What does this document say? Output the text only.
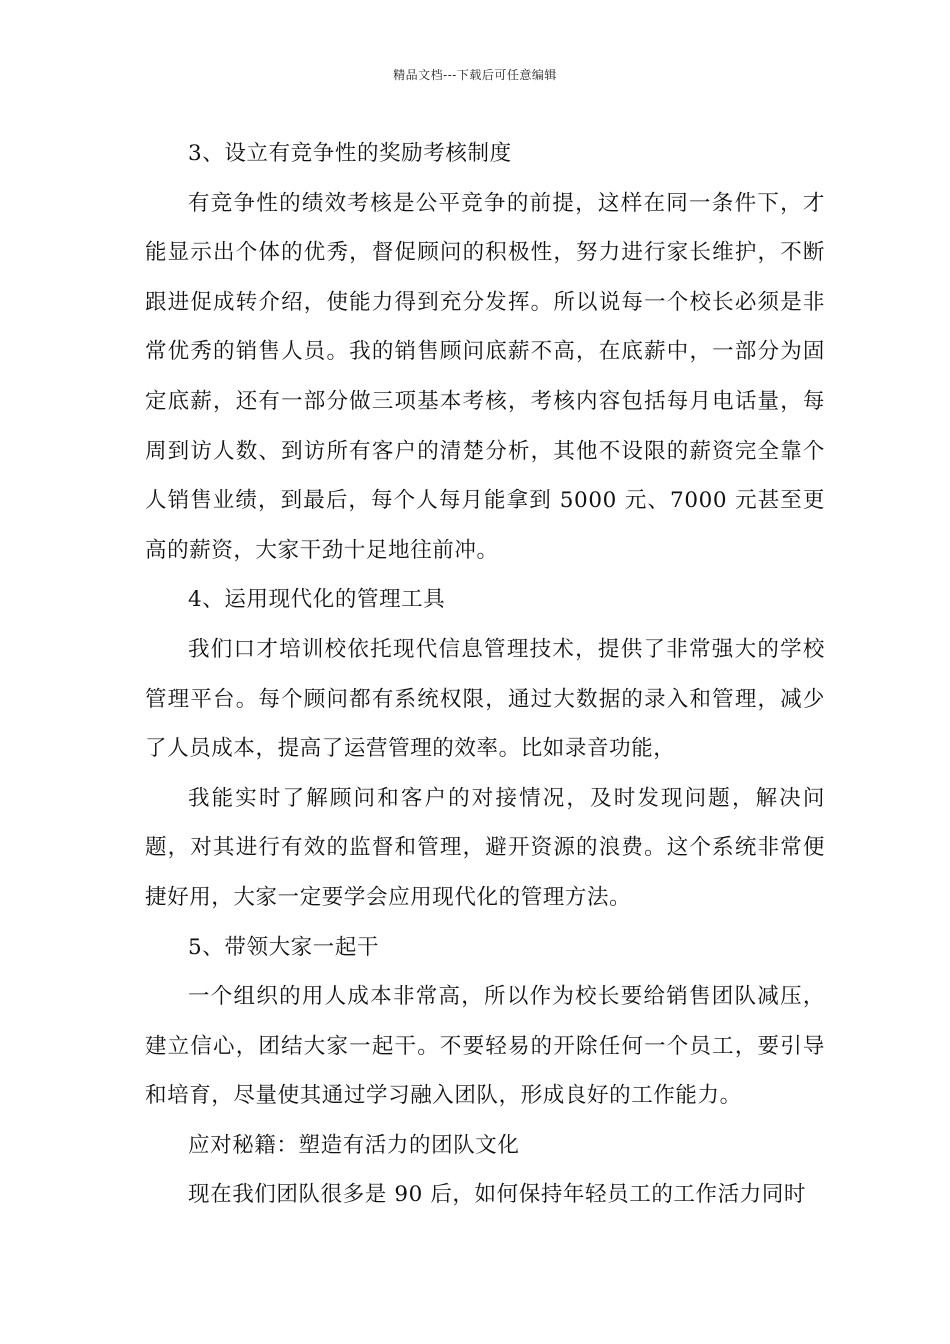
精品文档---下载后可任意编辑

3、设立有竞争性的奖励考核制度

有竞争性的绩效考核是公平竞争的前提，这样在同一条件下，才能显示出个体的优秀，督促顾问的积极性，努力进行家长维护，不断跟进促成转介绍，使能力得到充分发挥。所以说每一个校长必须是非常优秀的销售人员。我的销售顾问底薪不高，在底薪中，一部分为固定底薪，还有一部分做三项基本考核，考核内容包括每月电话量，每周到访人数、到访所有客户的清楚分析，其他不设限的薪资完全靠个人销售业绩，到最后，每个人每月能拿到 5000 元、7000 元甚至更高的薪资，大家干劲十足地往前冲。

4、运用现代化的管理工具

我们口才培训校依托现代信息管理技术，提供了非常强大的学校管理平台。每个顾问都有系统权限，通过大数据的录入和管理，减少了人员成本，提高了运营管理的效率。比如录音功能，

我能实时了解顾问和客户的对接情况，及时发现问题，解决问题，对其进行有效的监督和管理，避开资源的浪费。这个系统非常便捷好用，大家一定要学会应用现代化的管理方法。

5、带领大家一起干

一个组织的用人成本非常高，所以作为校长要给销售团队减压，建立信心，团结大家一起干。不要轻易的开除任何一个员工，要引导和培育，尽量使其通过学习融入团队，形成良好的工作能力。

应对秘籍：塑造有活力的团队文化

现在我们团队很多是 90 后，如何保持年轻员工的工作活力同时
